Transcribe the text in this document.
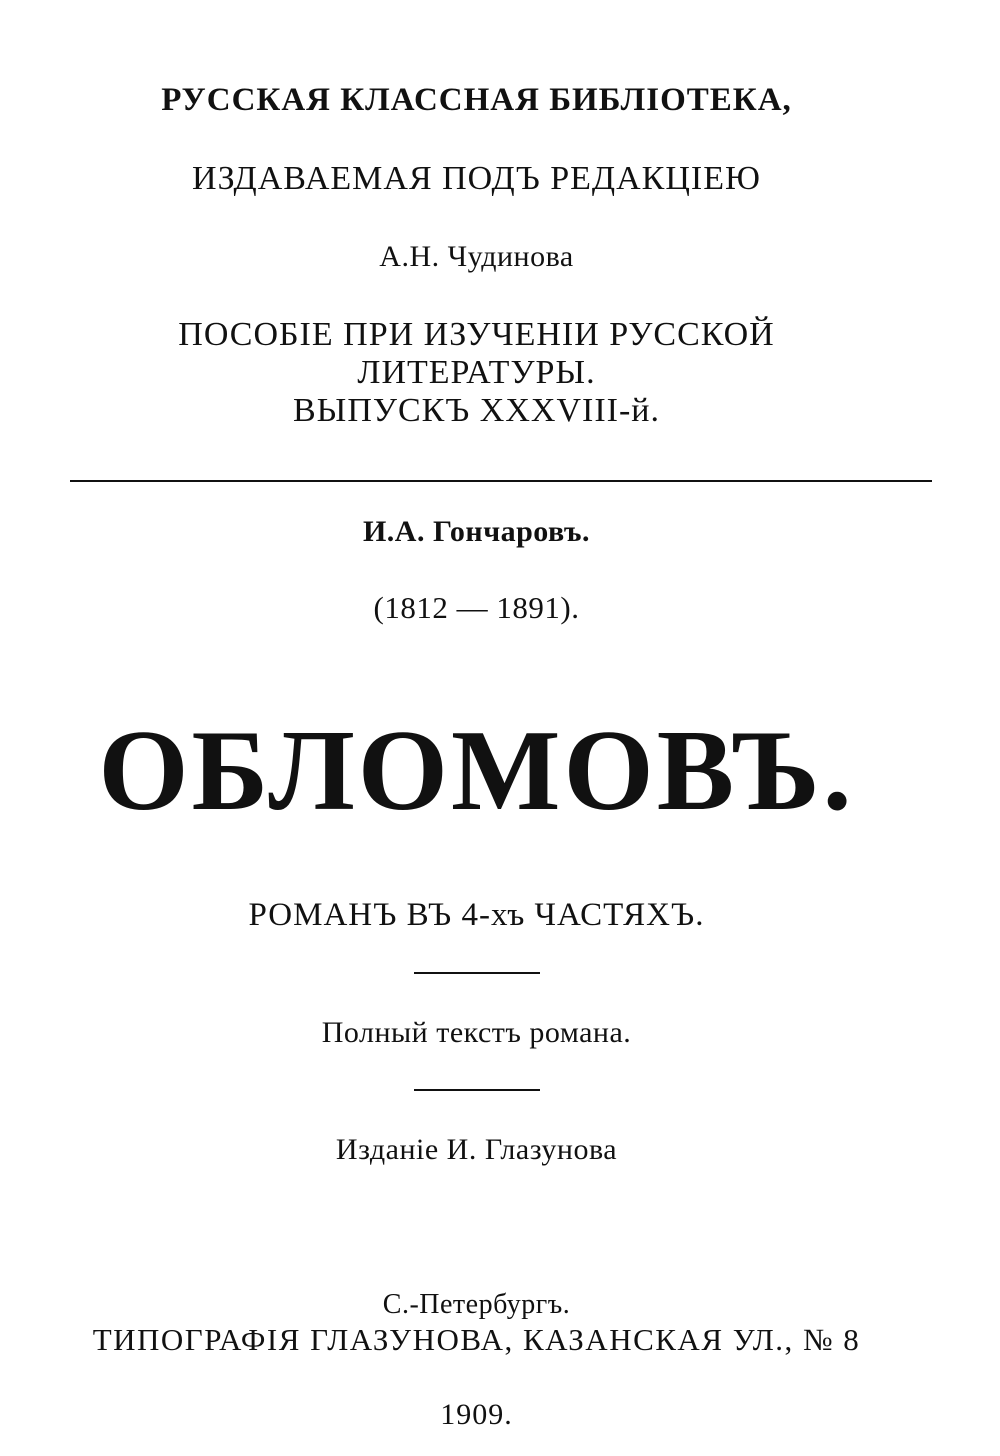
РУССКАЯ КЛАССНАЯ БИБЛІОТЕКА,
ИЗДАВАЕМАЯ ПОДЪ РЕДАКЦІЕЮ
А.Н. Чудинова
ПОСОБІЕ ПРИ ИЗУЧЕНІИ РУССКОЙ
ЛИТЕРАТУРЫ.
ВЫПУСКЪ XXXVIII-й.
И.А. Гончаровъ.
(1812 — 1891).
ОБЛОМОВЪ.
РОМАНЪ ВЪ 4-хъ ЧАСТЯХЪ.
Полный текстъ романа.
Изданіе И. Глазунова
С.-Петербургъ.
ТИПОГРАФІЯ ГЛАЗУНОВА, КАЗАНСКАЯ УЛ., № 8
1909.
